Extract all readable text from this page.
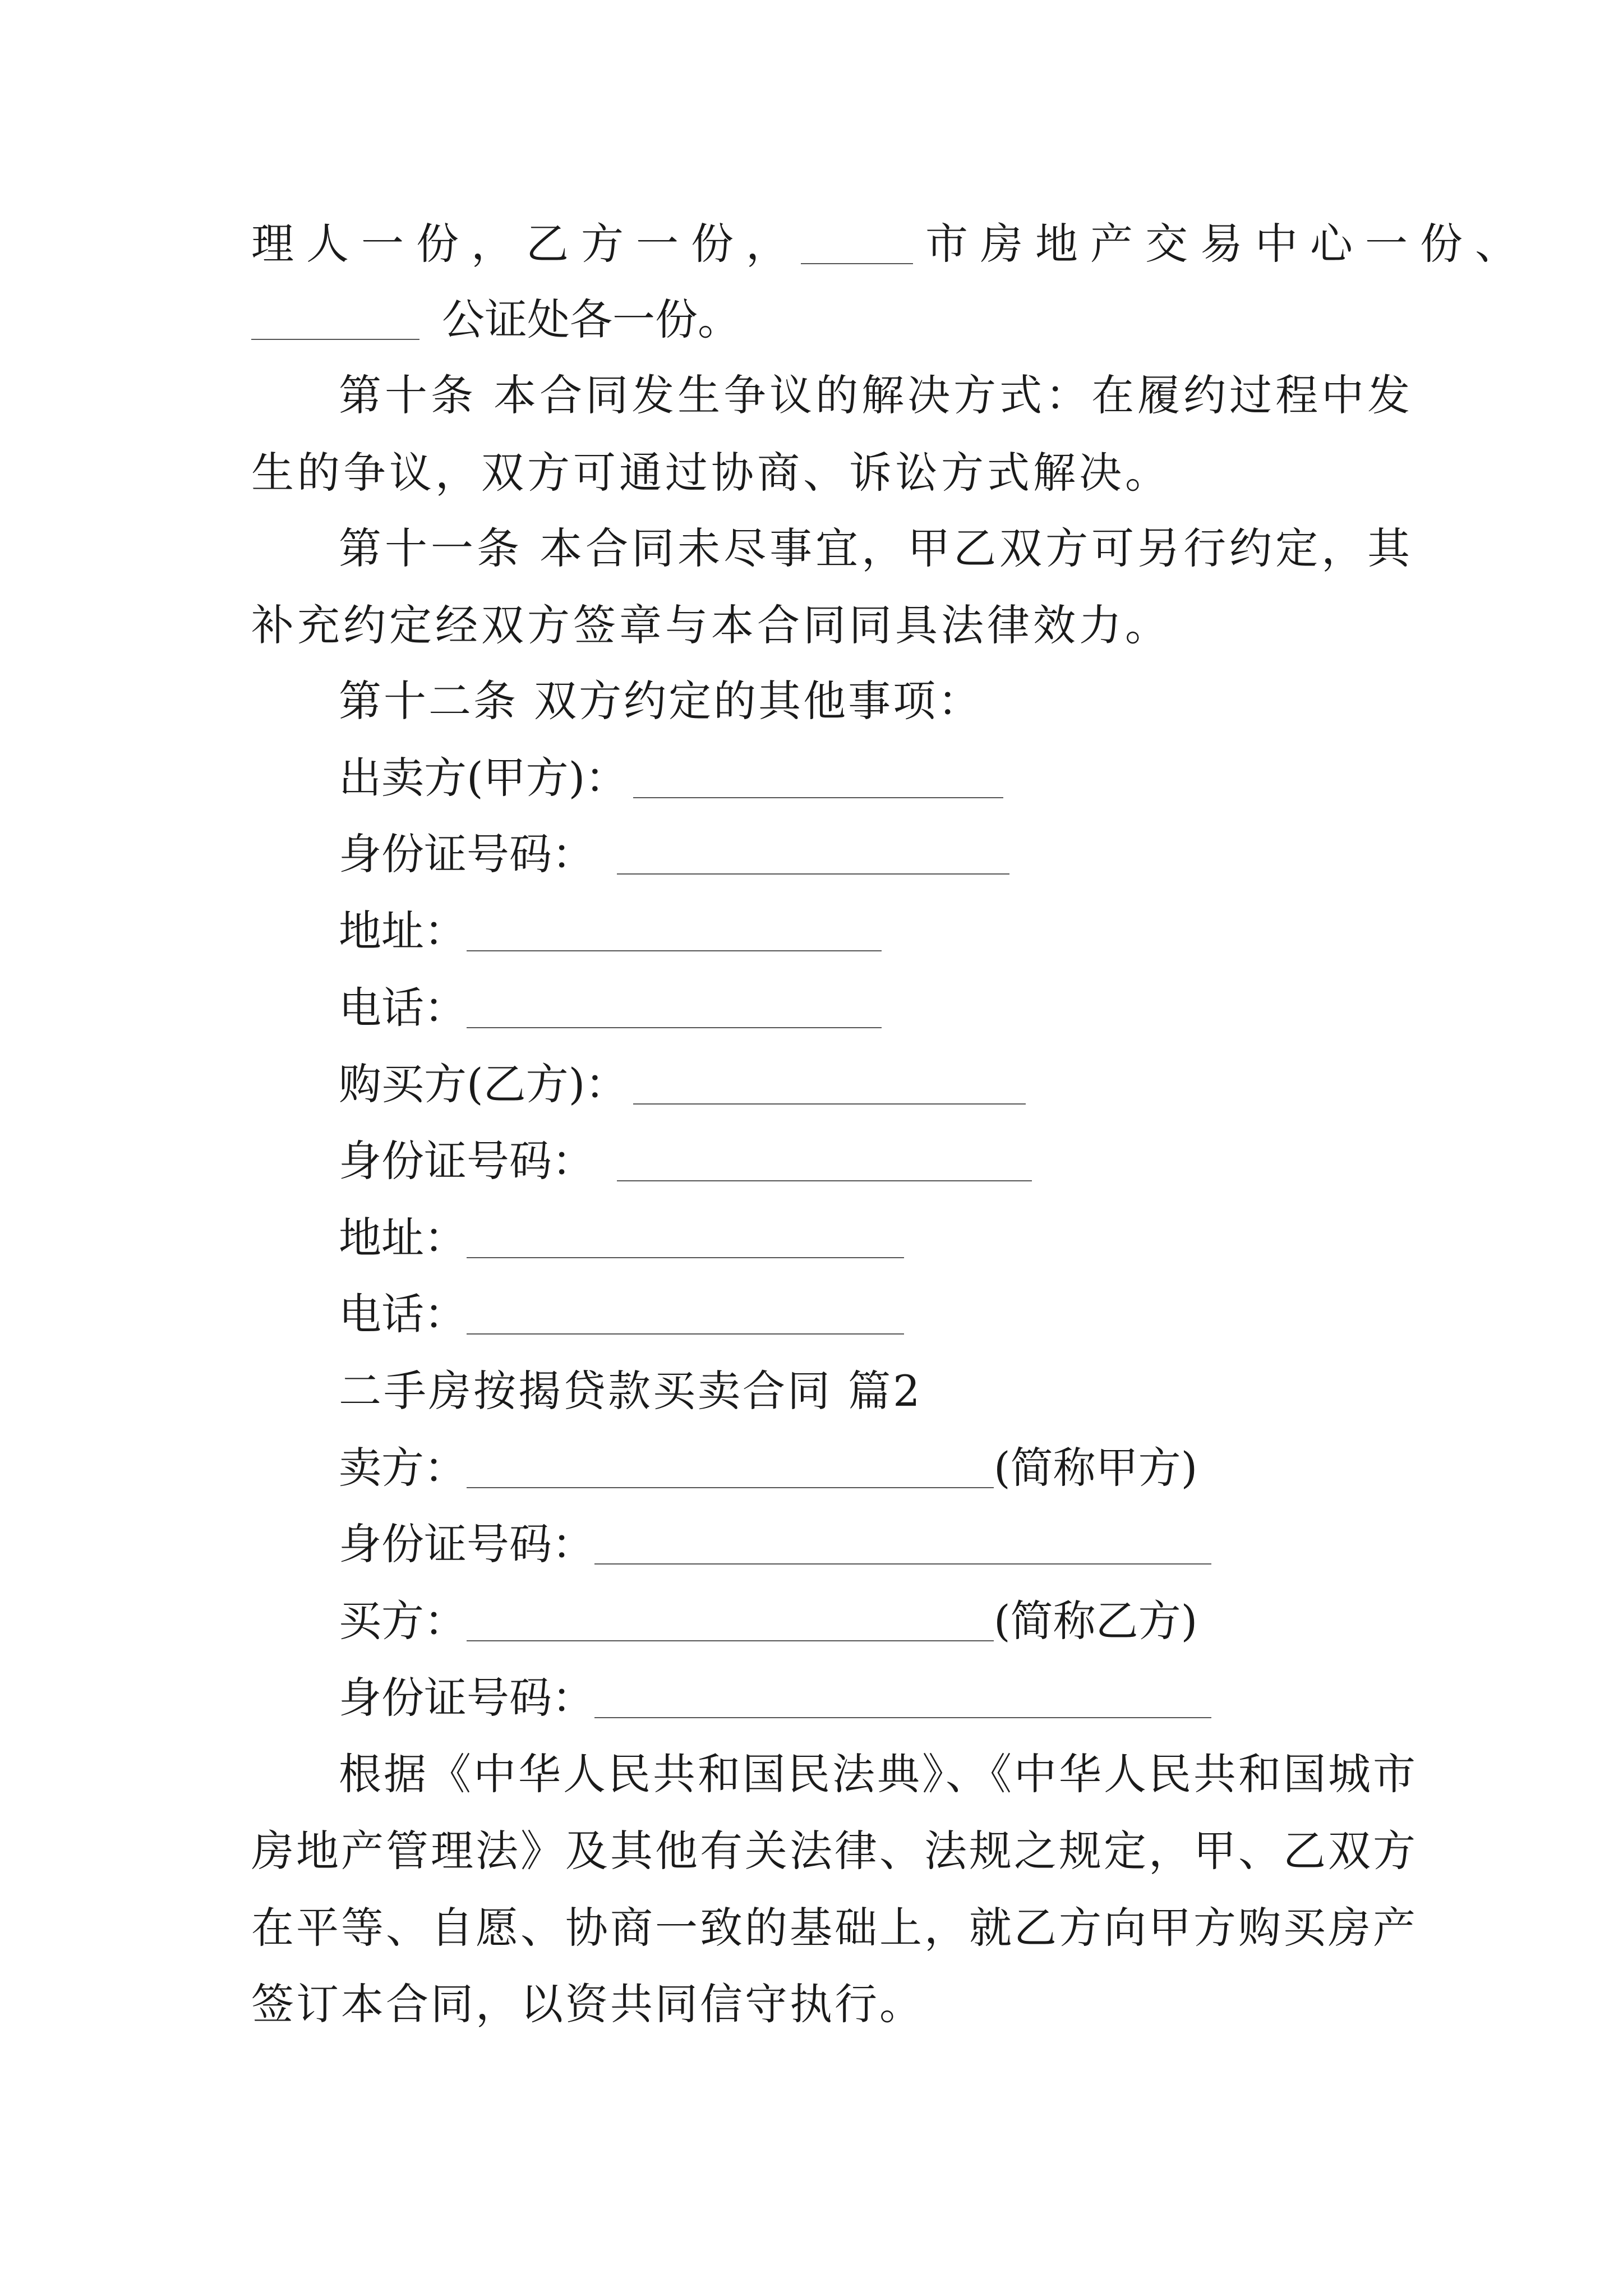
理人一份，乙方一份，	市房地产交易中心一份、
公证处各一份。
第十条 本合同发生争议的解决方式：在履约过程中发
生的争议，双方可通过协商、诉讼方式解决。
第十一条 本合同未尽事宜，甲乙双方可另行约定，其
补充约定经双方签章与本合同同具法律效力。
第十二条 双方约定的其他事项：
出卖方(甲方)：
身份证号码：
地址：
电话：
购买方(乙方)：
身份证号码：
地址：
电话：
二手房按揭贷款买卖合同 篇2
卖方：	(简称甲方)
身份证号码：
买方：	(简称乙方)
身份证号码：
根据《中华人民共和国民法典》、《中华人民共和国城市
房地产管理法》及其他有关法律、法规之规定，甲、乙双方
在平等、自愿、协商一致的基础上，就乙方向甲方购买房产
签订本合同，以资共同信守执行。
